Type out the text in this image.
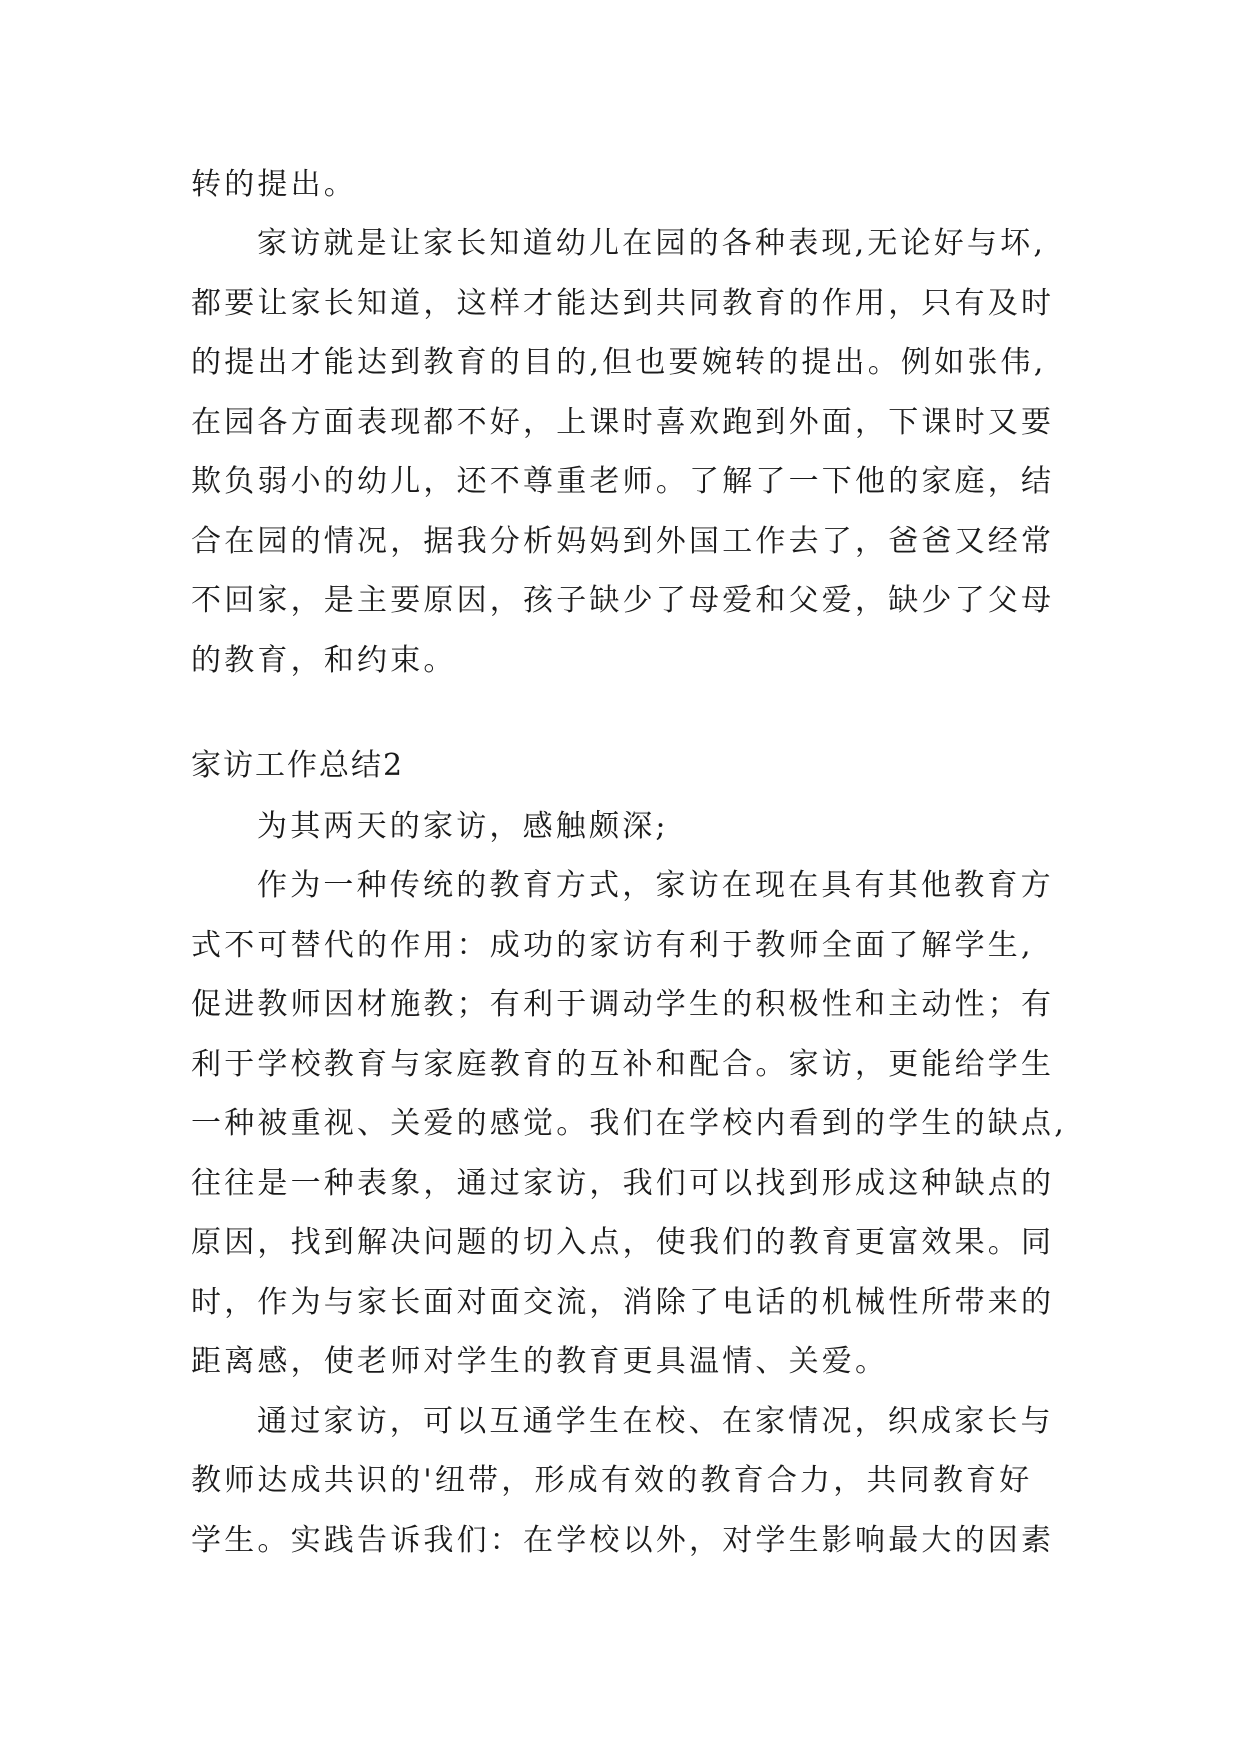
转的提出。
家访就是让家长知道幼儿在园的各种表现,无论好与坏,
都要让家长知道，这样才能达到共同教育的作用，只有及时
的提出才能达到教育的目的,但也要婉转的提出。例如张伟,
在园各方面表现都不好，上课时喜欢跑到外面，下课时又要
欺负弱小的幼儿，还不尊重老师。了解了一下他的家庭，结
合在园的情况，据我分析妈妈到外国工作去了，爸爸又经常
不回家，是主要原因，孩子缺少了母爱和父爱，缺少了父母
的教育，和约束。
家访工作总结2
为其两天的家访，感触颇深;
作为一种传统的教育方式，家访在现在具有其他教育方
式不可替代的作用：成功的家访有利于教师全面了解学生,
促进教师因材施教；有利于调动学生的积极性和主动性；有
利于学校教育与家庭教育的互补和配合。家访，更能给学生
一种被重视、关爱的感觉。我们在学校内看到的学生的缺点,
往往是一种表象，通过家访，我们可以找到形成这种缺点的
原因，找到解决问题的切入点，使我们的教育更富效果。同
时，作为与家长面对面交流，消除了电话的机械性所带来的
距离感，使老师对学生的教育更具温情、关爱。
通过家访，可以互通学生在校、在家情况，织成家长与
教师达成共识的'纽带，形成有效的教育合力，共同教育好
学生。实践告诉我们：在学校以外，对学生影响最大的因素
